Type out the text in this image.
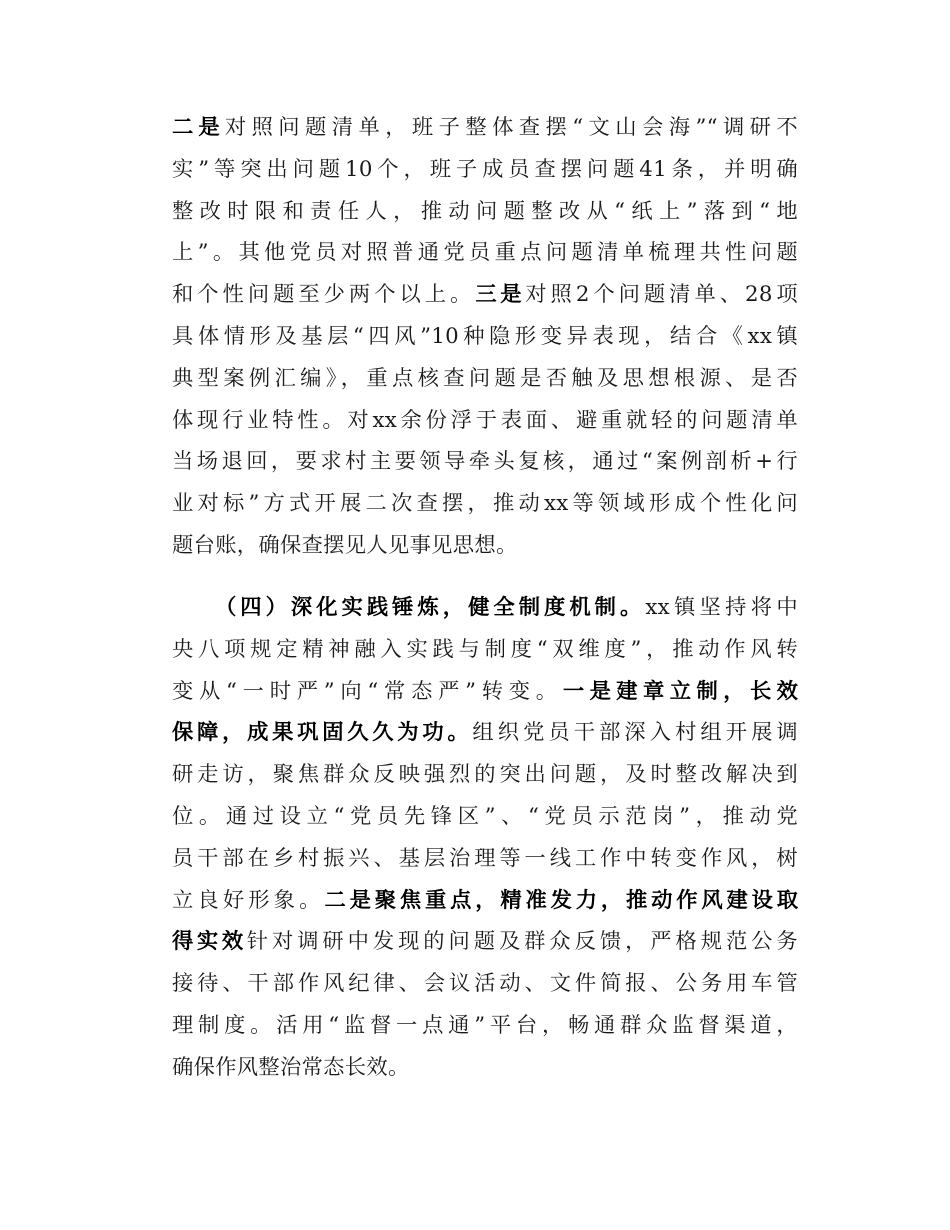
二是对照问题清单，班子整体查摆“文山会海”“调研不
实”等突出问题10个，班子成员查摆问题41条，并明确
整改时限和责任人，推动问题整改从“纸上”落到“地
上”。其他党员对照普通党员重点问题清单梳理共性问题
和个性问题至少两个以上。三是对照2个问题清单、28项
具体情形及基层“四风”10种隐形变异表现，结合《xx镇
典型案例汇编》，重点核查问题是否触及思想根源、是否
体现行业特性。对xx余份浮于表面、避重就轻的问题清单
当场退回，要求村主要领导牵头复核，通过“案例剖析+行
业对标”方式开展二次查摆，推动xx等领域形成个性化问
题台账，确保查摆见人见事见思想。
（四）深化实践锤炼，健全制度机制。xx镇坚持将中
央八项规定精神融入实践与制度“双维度”，推动作风转
变从“一时严”向“常态严”转变。一是建章立制，长效
保障，成果巩固久久为功。组织党员干部深入村组开展调
研走访，聚焦群众反映强烈的突出问题，及时整改解决到
位。通过设立“党员先锋区”、“党员示范岗”，推动党
员干部在乡村振兴、基层治理等一线工作中转变作风，树
立良好形象。二是聚焦重点，精准发力，推动作风建设取
得实效针对调研中发现的问题及群众反馈，严格规范公务
接待、干部作风纪律、会议活动、文件简报、公务用车管
理制度。活用“监督一点通”平台，畅通群众监督渠道，
确保作风整治常态长效。
